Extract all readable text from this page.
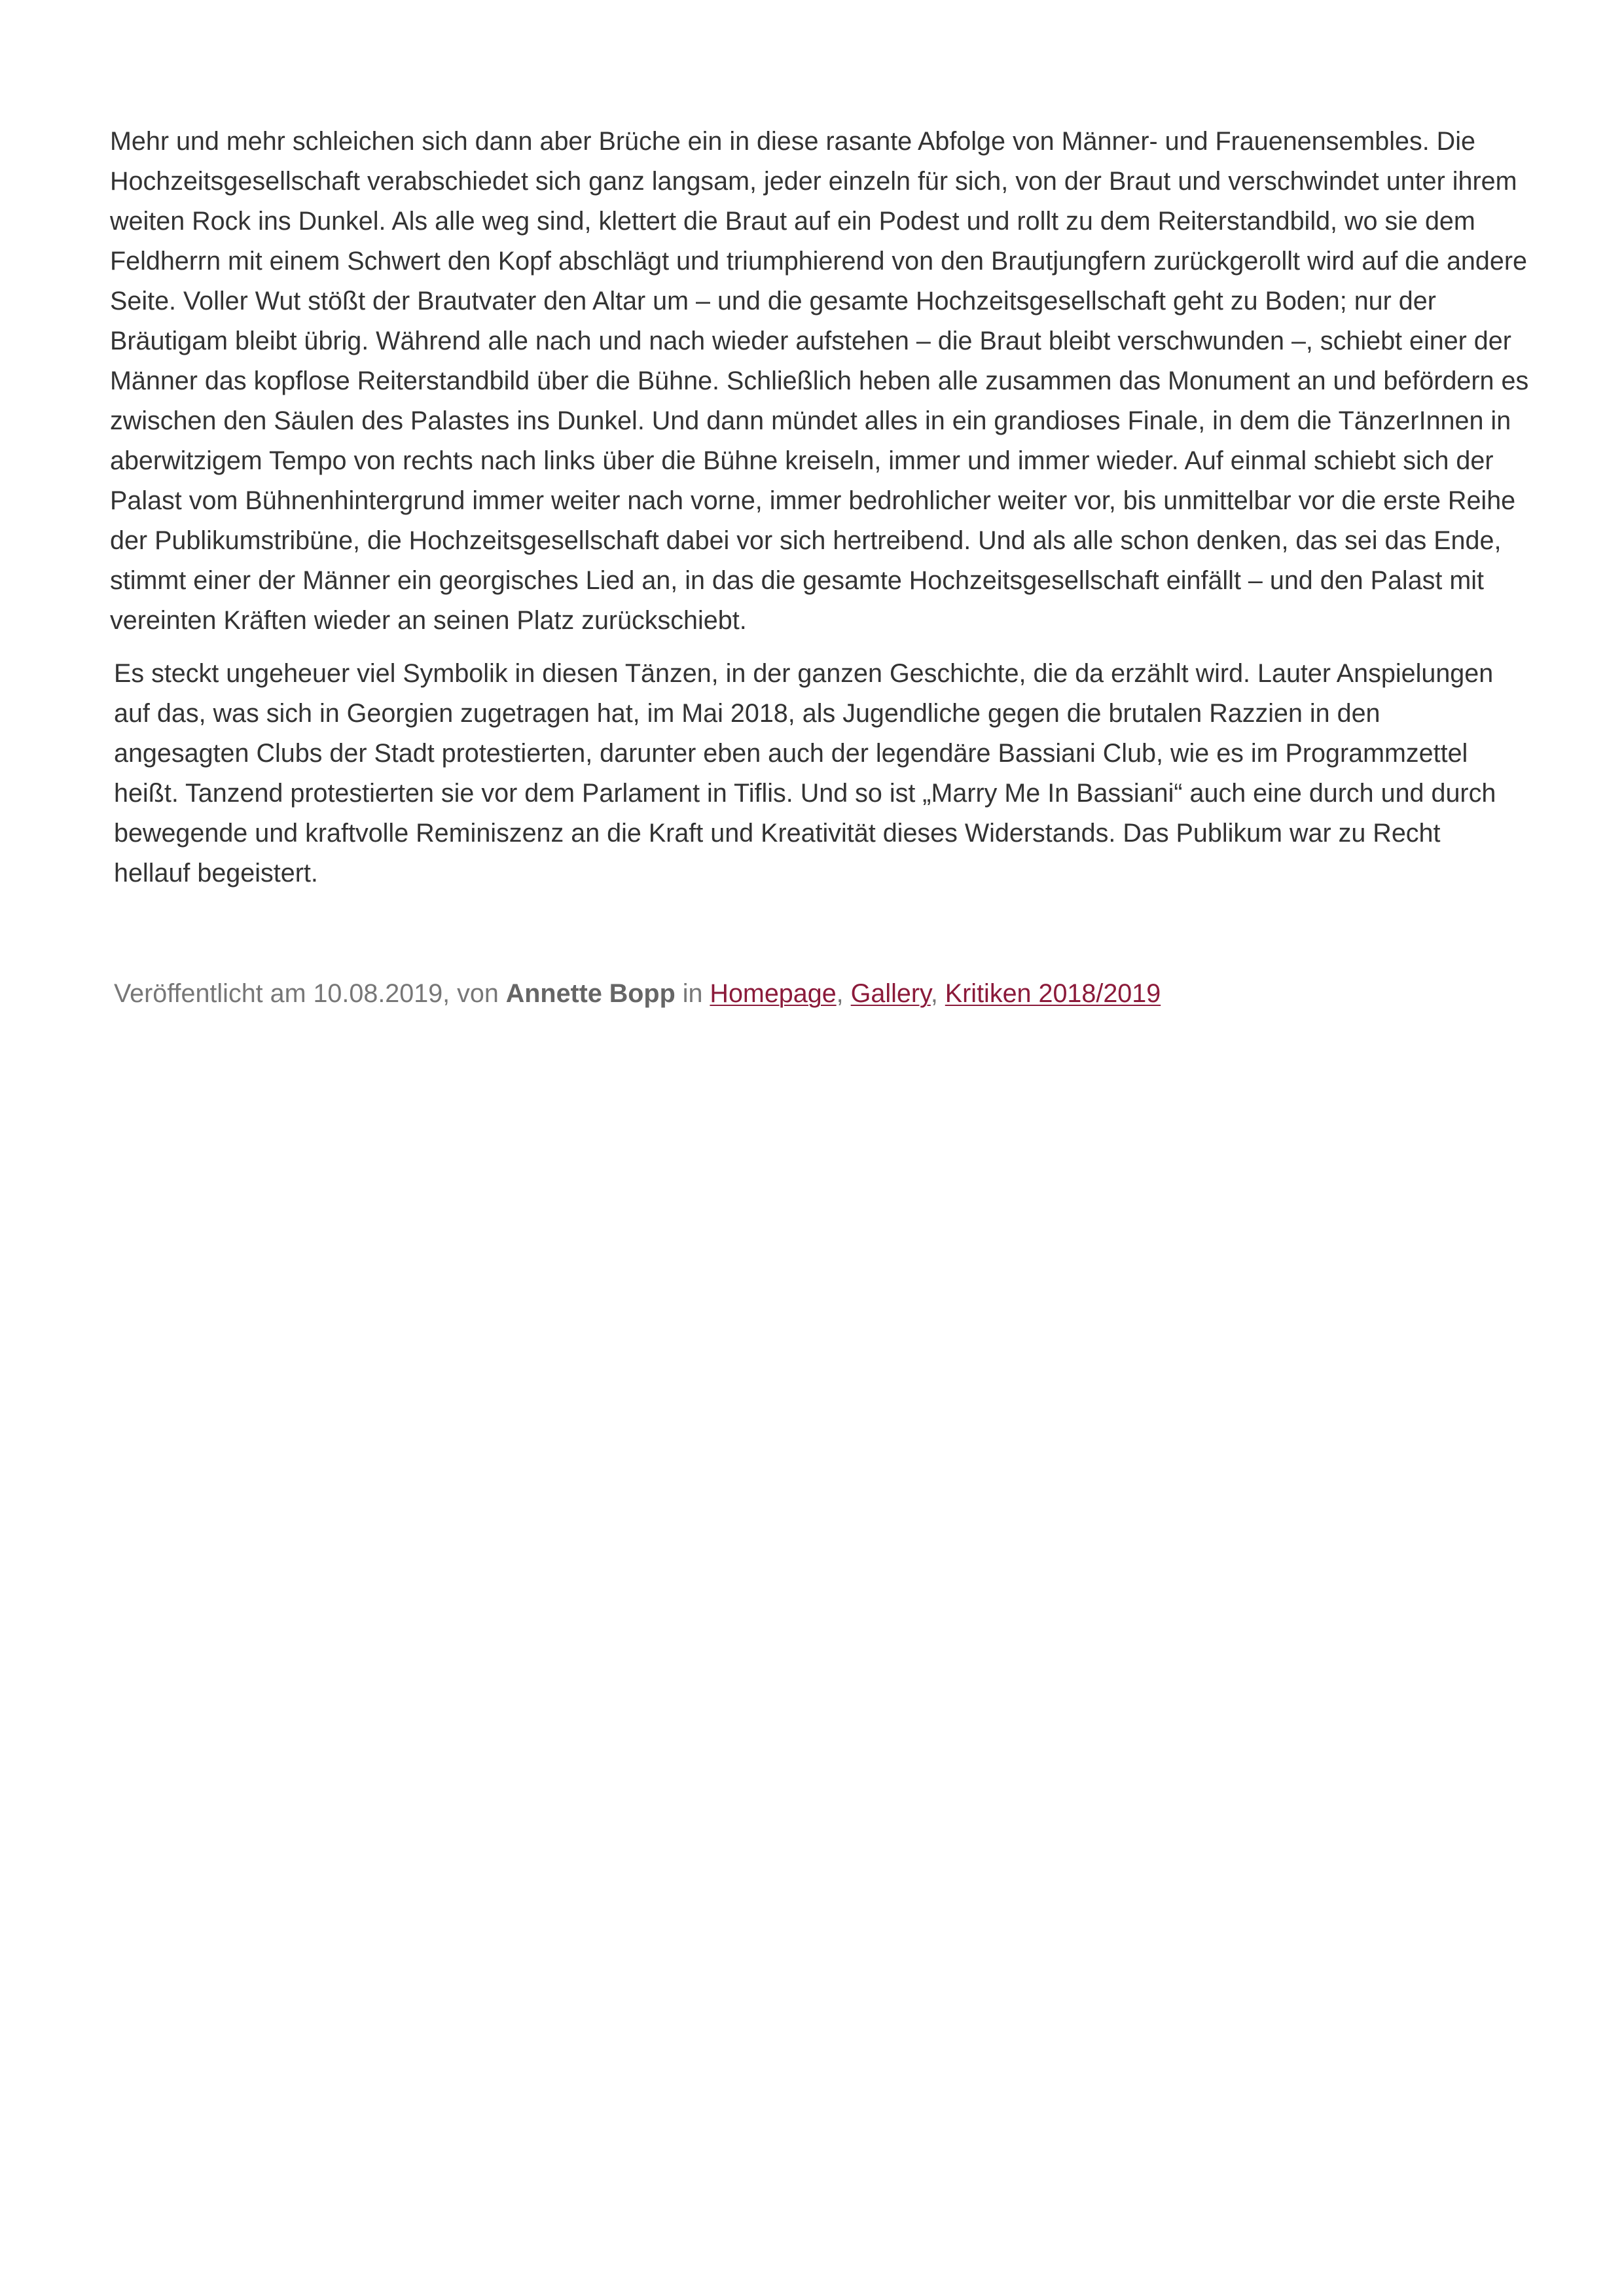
Mehr und mehr schleichen sich dann aber Brüche ein in diese rasante Abfolge von Männer- und Frauenensembles. Die Hochzeitsgesellschaft verabschiedet sich ganz langsam, jeder einzeln für sich, von der Braut und verschwindet unter ihrem weiten Rock ins Dunkel. Als alle weg sind, klettert die Braut auf ein Podest und rollt zu dem Reiterstandbild, wo sie dem Feldherrn mit einem Schwert den Kopf abschlägt und triumphierend von den Brautjungfern zurückgerollt wird auf die andere Seite. Voller Wut stößt der Brautvater den Altar um – und die gesamte Hochzeitsgesellschaft geht zu Boden; nur der Bräutigam bleibt übrig. Während alle nach und nach wieder aufstehen – die Braut bleibt verschwunden –, schiebt einer der Männer das kopflose Reiterstandbild über die Bühne. Schließlich heben alle zusammen das Monument an und befördern es zwischen den Säulen des Palastes ins Dunkel. Und dann mündet alles in ein grandioses Finale, in dem die TänzerInnen in aberwitzigem Tempo von rechts nach links über die Bühne kreiseln, immer und immer wieder. Auf einmal schiebt sich der Palast vom Bühnenhintergrund immer weiter nach vorne, immer bedrohlicher weiter vor, bis unmittelbar vor die erste Reihe der Publikumstribüne, die Hochzeitsgesellschaft dabei vor sich hertreibend. Und als alle schon denken, das sei das Ende, stimmt einer der Männer ein georgisches Lied an, in das die gesamte Hochzeitsgesellschaft einfällt – und den Palast mit vereinten Kräften wieder an seinen Platz zurückschiebt.

Es steckt ungeheuer viel Symbolik in diesen Tänzen, in der ganzen Geschichte, die da erzählt wird. Lauter Anspielungen auf das, was sich in Georgien zugetragen hat, im Mai 2018, als Jugendliche gegen die brutalen Razzien in den angesagten Clubs der Stadt protestierten, darunter eben auch der legendäre Bassiani Club, wie es im Programmzettel heißt. Tanzend protestierten sie vor dem Parlament in Tiflis. Und so ist „Marry Me In Bassiani“ auch eine durch und durch bewegende und kraftvolle Reminiszenz an die Kraft und Kreativität dieses Widerstands. Das Publikum war zu Recht hellauf begeistert.

Veröffentlicht am 10.08.2019, von Annette Bopp in Homepage, Gallery, Kritiken 2018/2019
